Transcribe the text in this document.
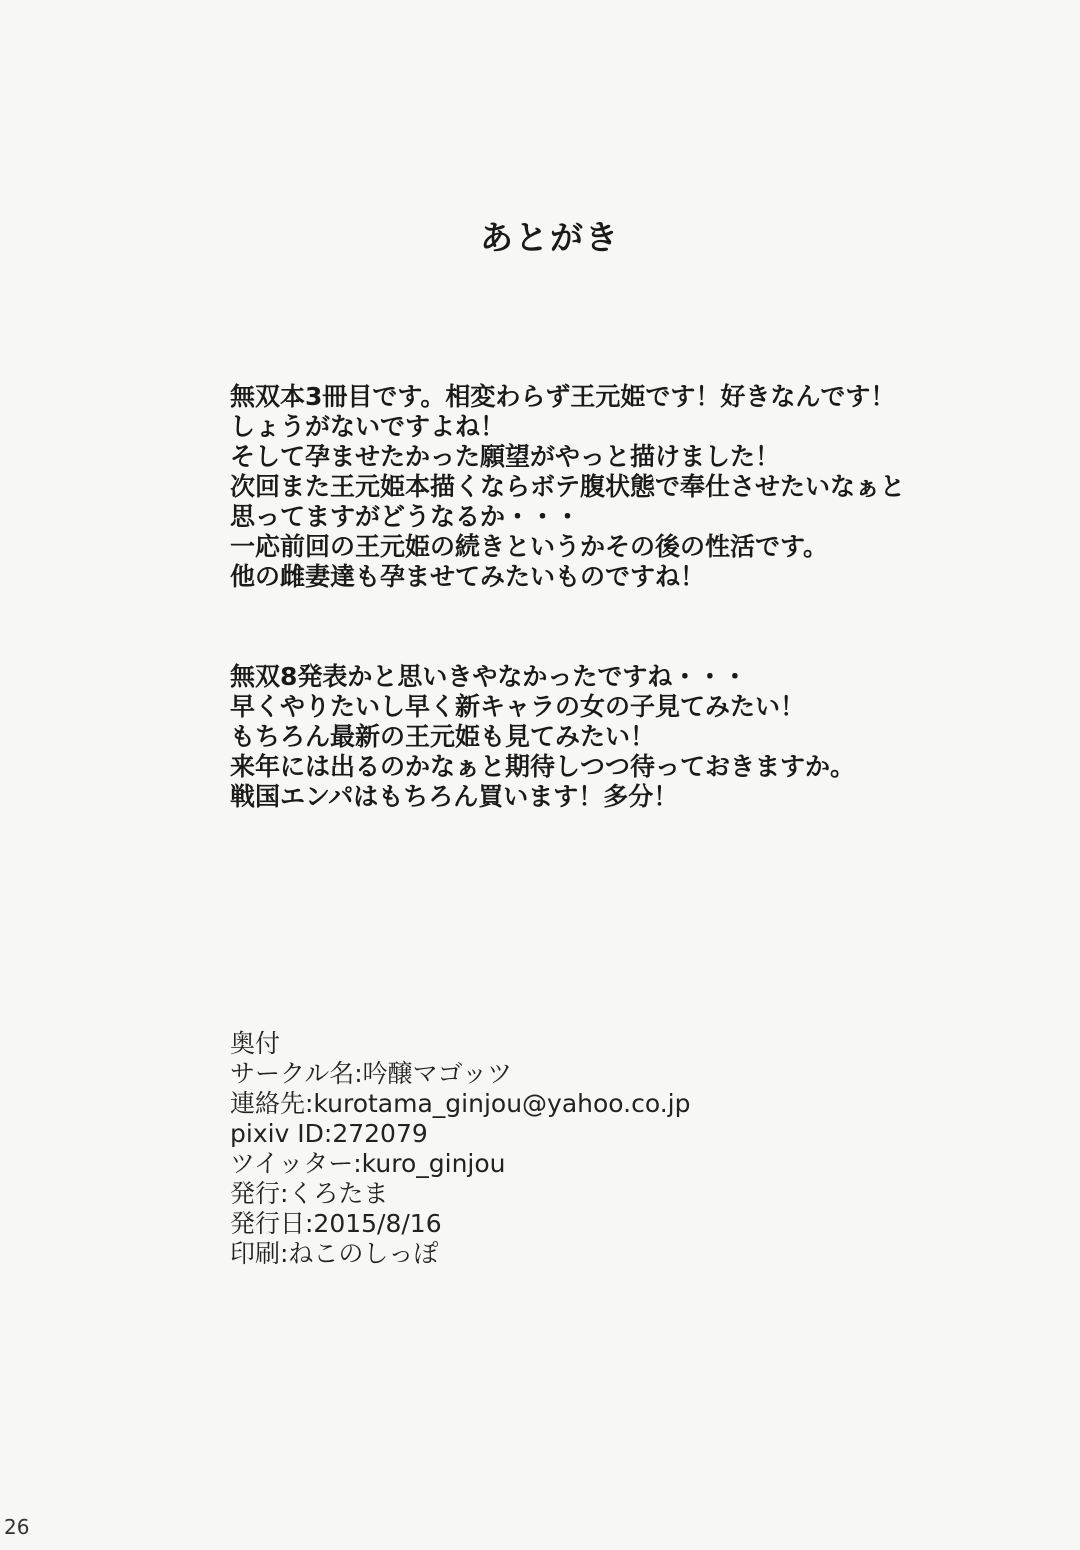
あとがき
無双本3冊目です。相変わらず王元姫です！好きなんです！
しょうがないですよね！
そして孕ませたかった願望がやっと描けました！
次回また王元姫本描くならボテ腹状態で奉仕させたいなぁと
思ってますがどうなるか・・・
一応前回の王元姫の続きというかその後の性活です。
他の雌妻達も孕ませてみたいものですね！
無双8発表かと思いきやなかったですね・・・
早くやりたいし早く新キャラの女の子見てみたい！
もちろん最新の王元姫も見てみたい！
来年には出るのかなぁと期待しつつ待っておきますか。
戦国エンパはもちろん買います！多分！
奥付
サークル名:吟醸マゴッツ
連絡先:kurotama_ginjou@yahoo.co.jp
pixiv ID:272079
ツイッター:kuro_ginjou
発行:くろたま
発行日:2015/8/16
印刷:ねこのしっぽ
26
